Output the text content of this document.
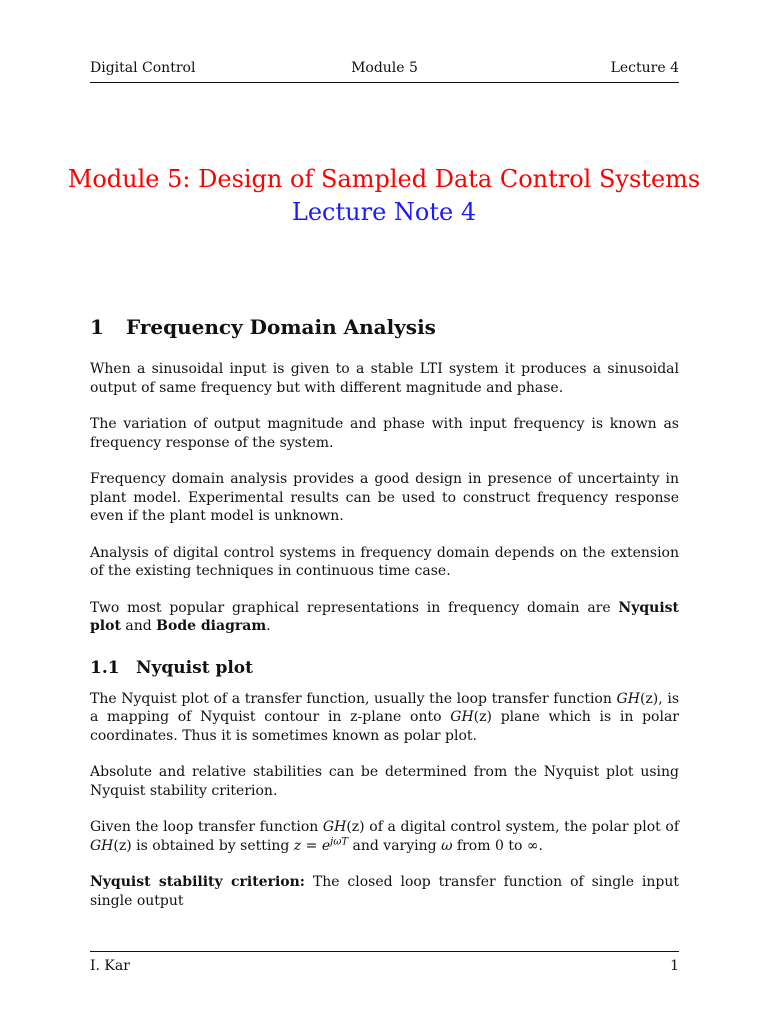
Digital Control	Module 5	Lecture 4
Module 5: Design of Sampled Data Control Systems
Lecture Note 4
1 Frequency Domain Analysis

When a sinusoidal input is given to a stable LTI system it produces a sinusoidal output of same frequency but with different magnitude and phase.

The variation of output magnitude and phase with input frequency is known as frequency response of the system.

Frequency domain analysis provides a good design in presence of uncertainty in plant model. Experimental results can be used to construct frequency response even if the plant model is unknown.

Analysis of digital control systems in frequency domain depends on the extension of the existing techniques in continuous time case.

Two most popular graphical representations in frequency domain are Nyquist plot and Bode diagram.

1.1 Nyquist plot

The Nyquist plot of a transfer function, usually the loop transfer function GH(z), is a mapping of Nyquist contour in z-plane onto GH(z) plane which is in polar coordinates. Thus it is sometimes known as polar plot.

Absolute and relative stabilities can be determined from the Nyquist plot using Nyquist stability criterion.

Given the loop transfer function GH(z) of a digital control system, the polar plot of GH(z) is obtained by setting $z = e^{j\omega T}$ and varying ω from 0 to ∞.

Nyquist stability criterion: The closed loop transfer function of single input single output

I. Kar	1
